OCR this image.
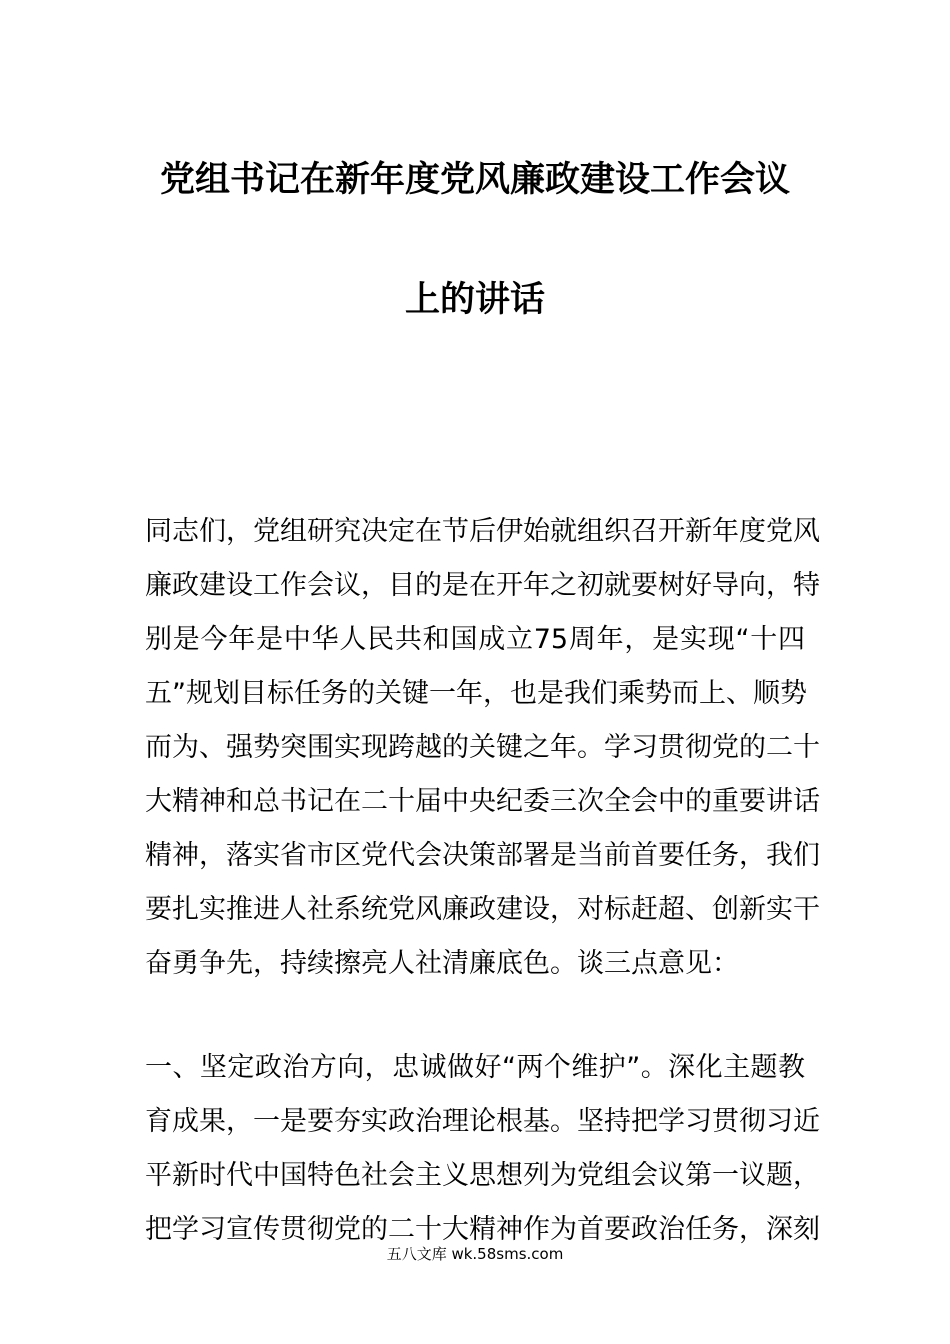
党组书记在新年度党风廉政建设工作会议
上的讲话
同志们，党组研究决定在节后伊始就组织召开新年度党风
廉政建设工作会议，目的是在开年之初就要树好导向，特
别是今年是中华人民共和国成立75周年，是实现“十四
五”规划目标任务的关键一年，也是我们乘势而上、顺势
而为、强势突围实现跨越的关键之年。学习贯彻党的二十
大精神和总书记在二十届中央纪委三次全会中的重要讲话
精神，落实省市区党代会决策部署是当前首要任务，我们
要扎实推进人社系统党风廉政建设，对标赶超、创新实干
奋勇争先，持续擦亮人社清廉底色。谈三点意见：
一、坚定政治方向，忠诚做好“两个维护”。深化主题教
育成果，一是要夯实政治理论根基。坚持把学习贯彻习近
平新时代中国特色社会主义思想列为党组会议第一议题，
把学习宣传贯彻党的二十大精神作为首要政治任务，深刻
五八文库 wk.58sms.com
